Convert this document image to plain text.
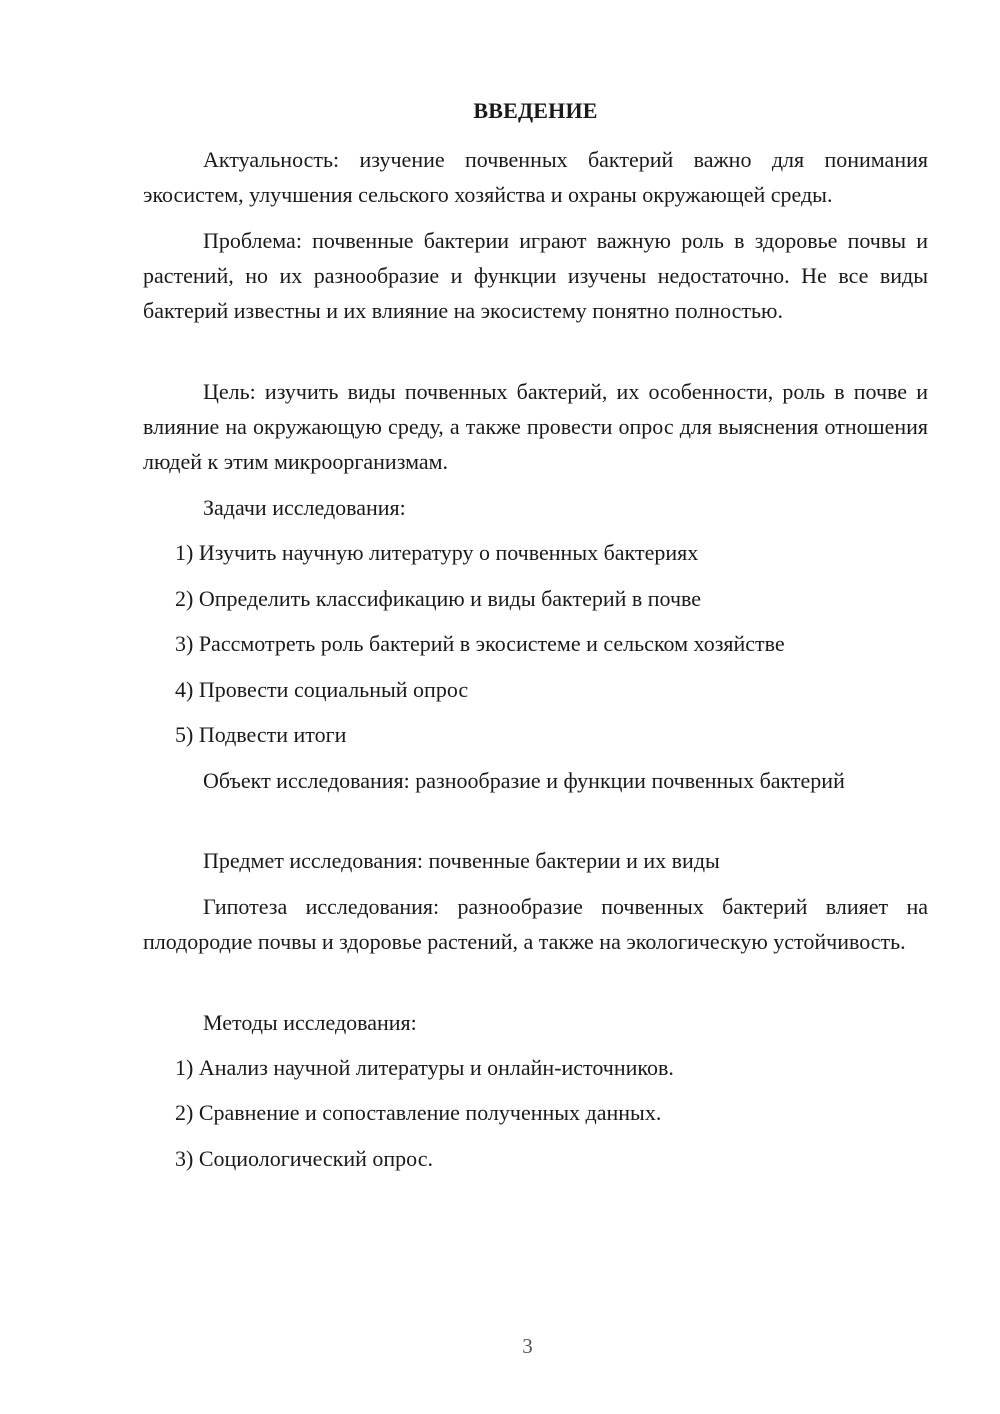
ВВЕДЕНИЕ

Актуальность: изучение почвенных бактерий важно для понимания экосистем, улучшения сельского хозяйства и охраны окружающей среды.

Проблема: почвенные бактерии играют важную роль в здоровье почвы и растений, но их разнообразие и функции изучены недостаточно. Не все виды бактерий известны и их влияние на экосистему понятно полностью.

Цель: изучить виды почвенных бактерий, их особенности, роль в почве и влияние на окружающую среду, а также провести опрос для выяснения отношения людей к этим микроорганизмам.

Задачи исследования:

1) Изучить научную литературу о почвенных бактериях

2) Определить классификацию и виды бактерий в почве

3) Рассмотреть роль бактерий в экосистеме и сельском хозяйстве

4) Провести социальный опрос

5) Подвести итоги

Объект исследования: разнообразие и функции почвенных бактерий

Предмет исследования: почвенные бактерии и их виды

Гипотеза исследования: разнообразие почвенных бактерий влияет на плодородие почвы и здоровье растений, а также на экологическую устойчивость.

Методы исследования:

1) Анализ научной литературы и онлайн-источников.

2) Сравнение и сопоставление полученных данных.

3) Социологический опрос.

3
